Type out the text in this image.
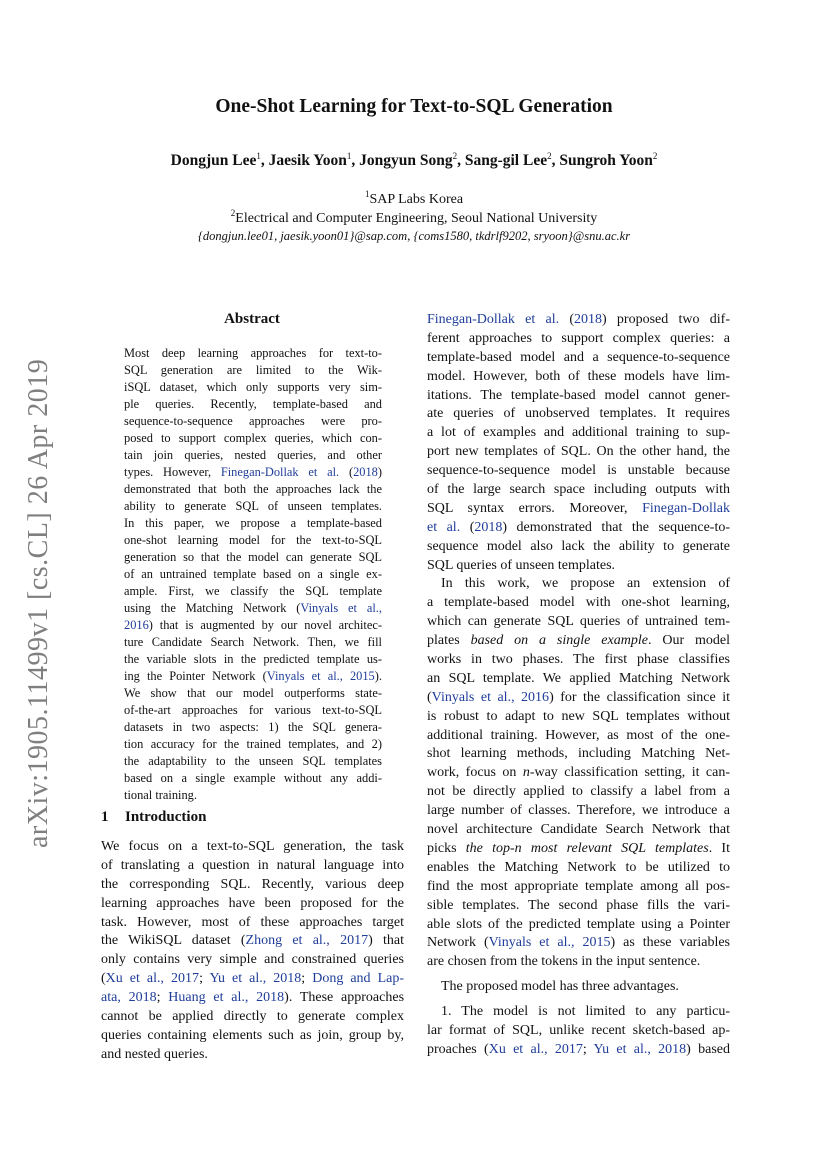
One-Shot Learning for Text-to-SQL Generation
Dongjun Lee$^1$, Jaesik Yoon$^1$, Jongyun Song$^2$, Sang-gil Lee$^2$, Sungroh Yoon$^2$
$^1$SAP Labs Korea
$^2$Electrical and Computer Engineering, Seoul National University
{dongjun.lee01, jaesik.yoon01}@sap.com, {coms1580, tkdrlf9202, sryoon}@snu.ac.kr
arXiv:1905.11499v1 [cs.CL] 26 Apr 2019
Abstract
Most deep learning approaches for text-to-
SQL generation are limited to the Wik-
iSQL dataset, which only supports very sim-
ple queries. Recently, template-based and
sequence-to-sequence approaches were pro-
posed to support complex queries, which con-
tain join queries, nested queries, and other
types. However, Finegan-Dollak et al. (2018)
demonstrated that both the approaches lack the
ability to generate SQL of unseen templates.
In this paper, we propose a template-based
one-shot learning model for the text-to-SQL
generation so that the model can generate SQL
of an untrained template based on a single ex-
ample. First, we classify the SQL template
using the Matching Network (Vinyals et al.,
2016) that is augmented by our novel architec-
ture Candidate Search Network. Then, we fill
the variable slots in the predicted template us-
ing the Pointer Network (Vinyals et al., 2015).
We show that our model outperforms state-
of-the-art approaches for various text-to-SQL
datasets in two aspects: 1) the SQL genera-
tion accuracy for the trained templates, and 2)
the adaptability to the unseen SQL templates
based on a single example without any addi-
tional training.
1 Introduction
We focus on a text-to-SQL generation, the task
of translating a question in natural language into
the corresponding SQL. Recently, various deep
learning approaches have been proposed for the
task. However, most of these approaches target
the WikiSQL dataset (Zhong et al., 2017) that
only contains very simple and constrained queries
(Xu et al., 2017; Yu et al., 2018; Dong and Lap-
ata, 2018; Huang et al., 2018). These approaches
cannot be applied directly to generate complex
queries containing elements such as join, group by,
and nested queries.
Finegan-Dollak et al. (2018) proposed two dif-
ferent approaches to support complex queries: a
template-based model and a sequence-to-sequence
model. However, both of these models have lim-
itations. The template-based model cannot gener-
ate queries of unobserved templates. It requires
a lot of examples and additional training to sup-
port new templates of SQL. On the other hand, the
sequence-to-sequence model is unstable because
of the large search space including outputs with
SQL syntax errors. Moreover, Finegan-Dollak
et al. (2018) demonstrated that the sequence-to-
sequence model also lack the ability to generate
SQL queries of unseen templates.
In this work, we propose an extension of
a template-based model with one-shot learning,
which can generate SQL queries of untrained tem-
plates based on a single example. Our model
works in two phases. The first phase classifies
an SQL template. We applied Matching Network
(Vinyals et al., 2016) for the classification since it
is robust to adapt to new SQL templates without
additional training. However, as most of the one-
shot learning methods, including Matching Net-
work, focus on n-way classification setting, it can-
not be directly applied to classify a label from a
large number of classes. Therefore, we introduce a
novel architecture Candidate Search Network that
picks the top-n most relevant SQL templates. It
enables the Matching Network to be utilized to
find the most appropriate template among all pos-
sible templates. The second phase fills the vari-
able slots of the predicted template using a Pointer
Network (Vinyals et al., 2015) as these variables
are chosen from the tokens in the input sentence.
The proposed model has three advantages.
1. The model is not limited to any particu-
lar format of SQL, unlike recent sketch-based ap-
proaches (Xu et al., 2017; Yu et al., 2018) based
